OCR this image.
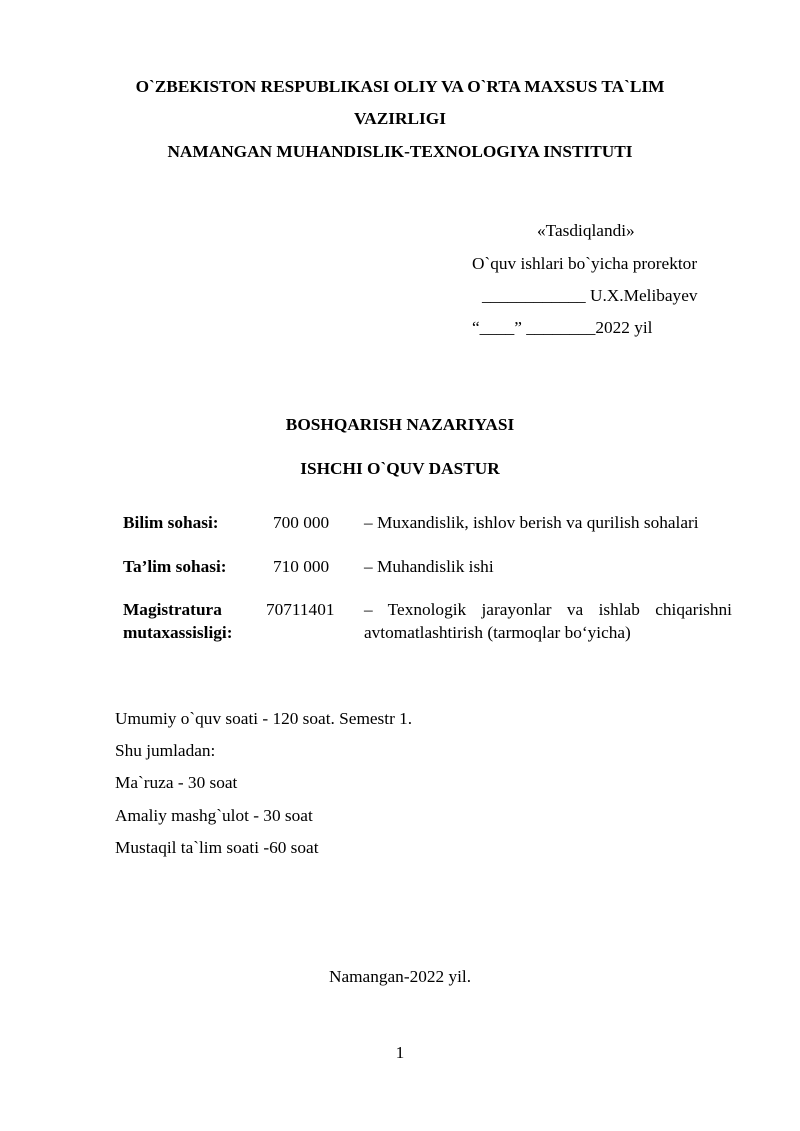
O`ZBEKISTON RESPUBLIKASI OLIY VA O`RTA MAXSUS TA`LIM
VAZIRLIGI
NAMANGAN MUHANDISLIK-TEXNOLOGIYA INSTITUTI
«Tasdiqlandi»
O`quv ishlari bo`yicha prorektor
____________ U.X.Melibayev
“____” ________2022 yil
BOSHQARISH NAZARIYASI
ISHCHI O`QUV DASTUR
Bilim sohasi:	700 000 – Muxandislik, ishlov berish va qurilish sohalari
Ta’lim sohasi:	710 000 – Muhandislik ishi
Magistratura
mutaxassisligi:
70711401 – Texnologik jarayonlar va ishlab chiqarishni
avtomatlashtirish (tarmoqlar bo‘yicha)
Umumiy o`quv soati - 120 soat. Semestr 1.
Shu jumladan:
Ma`ruza - 30 soat
Amaliy mashg`ulot - 30 soat
Mustaqil ta`lim soati -60 soat
Namangan-2022 yil.
1
